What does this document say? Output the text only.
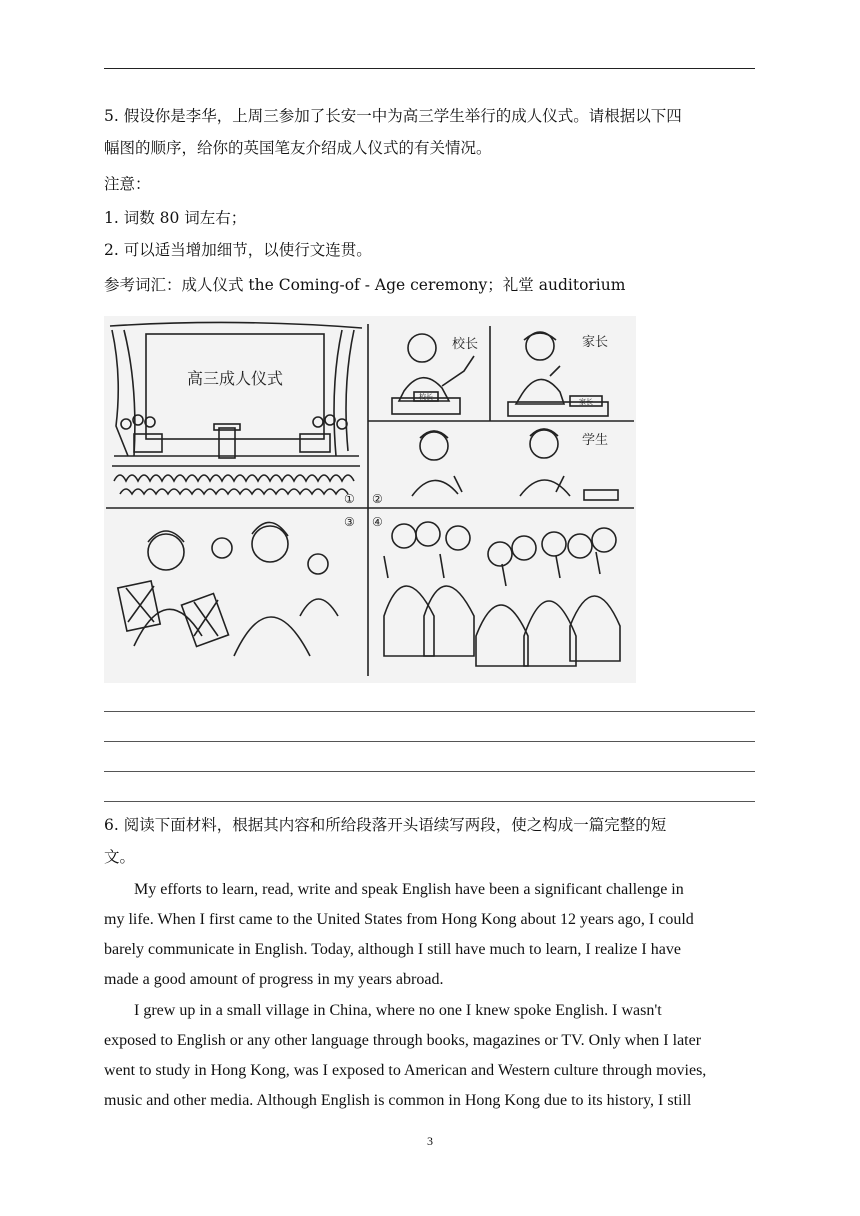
5. 假设你是李华，上周三参加了长安一中为高三学生举行的成人仪式。请根据以下四
幅图的顺序，给你的英国笔友介绍成人仪式的有关情况。
注意：
1. 词数 80 词左右；
2. 可以适当增加细节，以使行文连贯。
参考词汇：成人仪式 the Coming-of - Age ceremony；礼堂 auditorium
高三成人仪式
校长	家长
学生
校长
家长
① ②
③ ④
6. 阅读下面材料，根据其内容和所给段落开头语续写两段，使之构成一篇完整的短
文。
My efforts to learn, read, write and speak English have been a significant challenge in
my life. When I first came to the United States from Hong Kong about 12 years ago, I could
barely communicate in English. Today, although I still have much to learn, I realize I have
made a good amount of progress in my years abroad.
I grew up in a small village in China, where no one I knew spoke English. I wasn't
exposed to English or any other language through books, magazines or TV. Only when I later
went to study in Hong Kong, was I exposed to American and Western culture through movies,
music and other media. Although English is common in Hong Kong due to its history, I still
3
